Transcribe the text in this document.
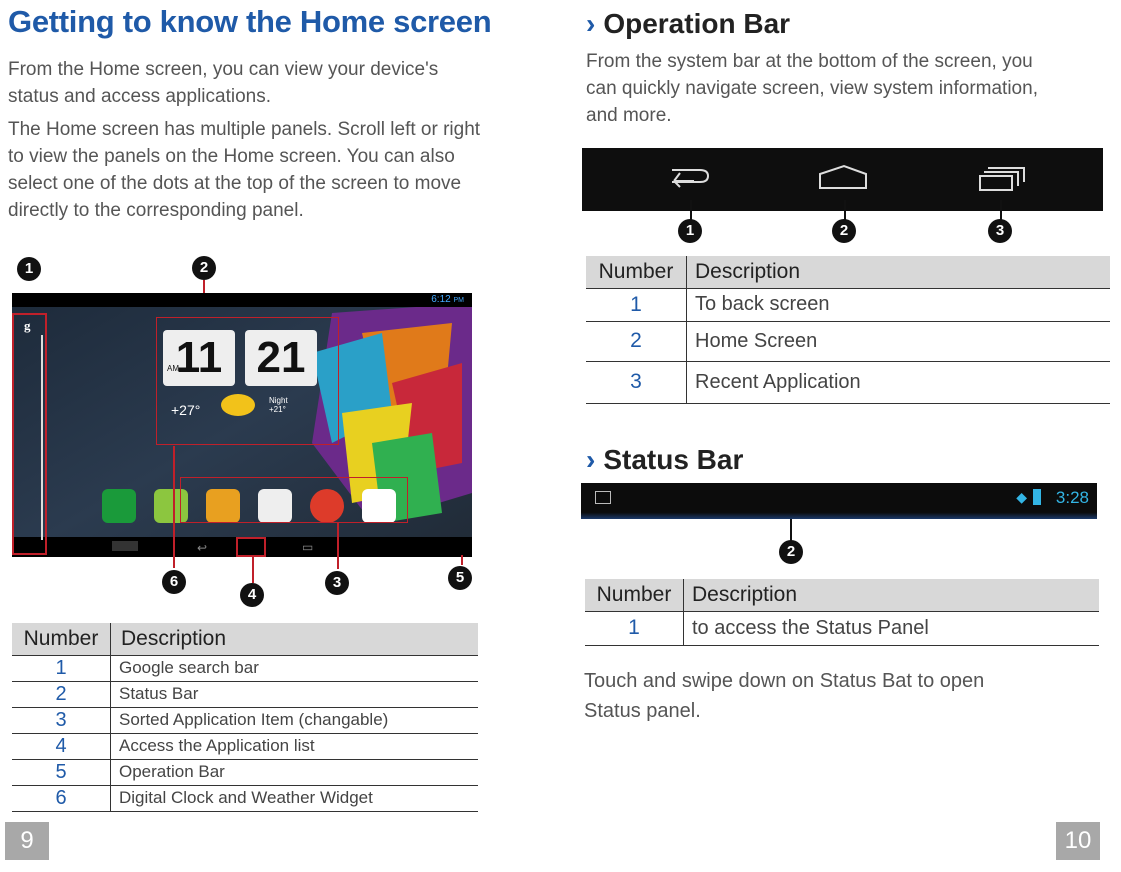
Getting to know the Home screen
From the Home screen, you can view your device's status and access applications.
The Home screen has multiple panels. Scroll left or right to view the panels on the Home screen. You can also select one of the dots at the top of the screen to move directly to the corresponding panel.
1	2
6:12 PM
g
11
AM 21
+27°
Night
+21°
↩	▭
6
4
3	5
Number	Description
1	Google search bar
2	Status Bar
3	Sorted Application Item (changable)
4	Access the Application list
5	Operation Bar
6	Digital Clock and Weather Widget
9
› Operation Bar
From the system bar at the bottom of the screen, you can quickly navigate screen, view system information, and more.
1	2	3
Number	Description
1	To back screen
2	Home Screen
3	Recent Application
› Status Bar
◆ 3:28
2
Number	Description
1	to access the Status Panel
Touch and swipe down on Status Bat to open Status panel.
10
